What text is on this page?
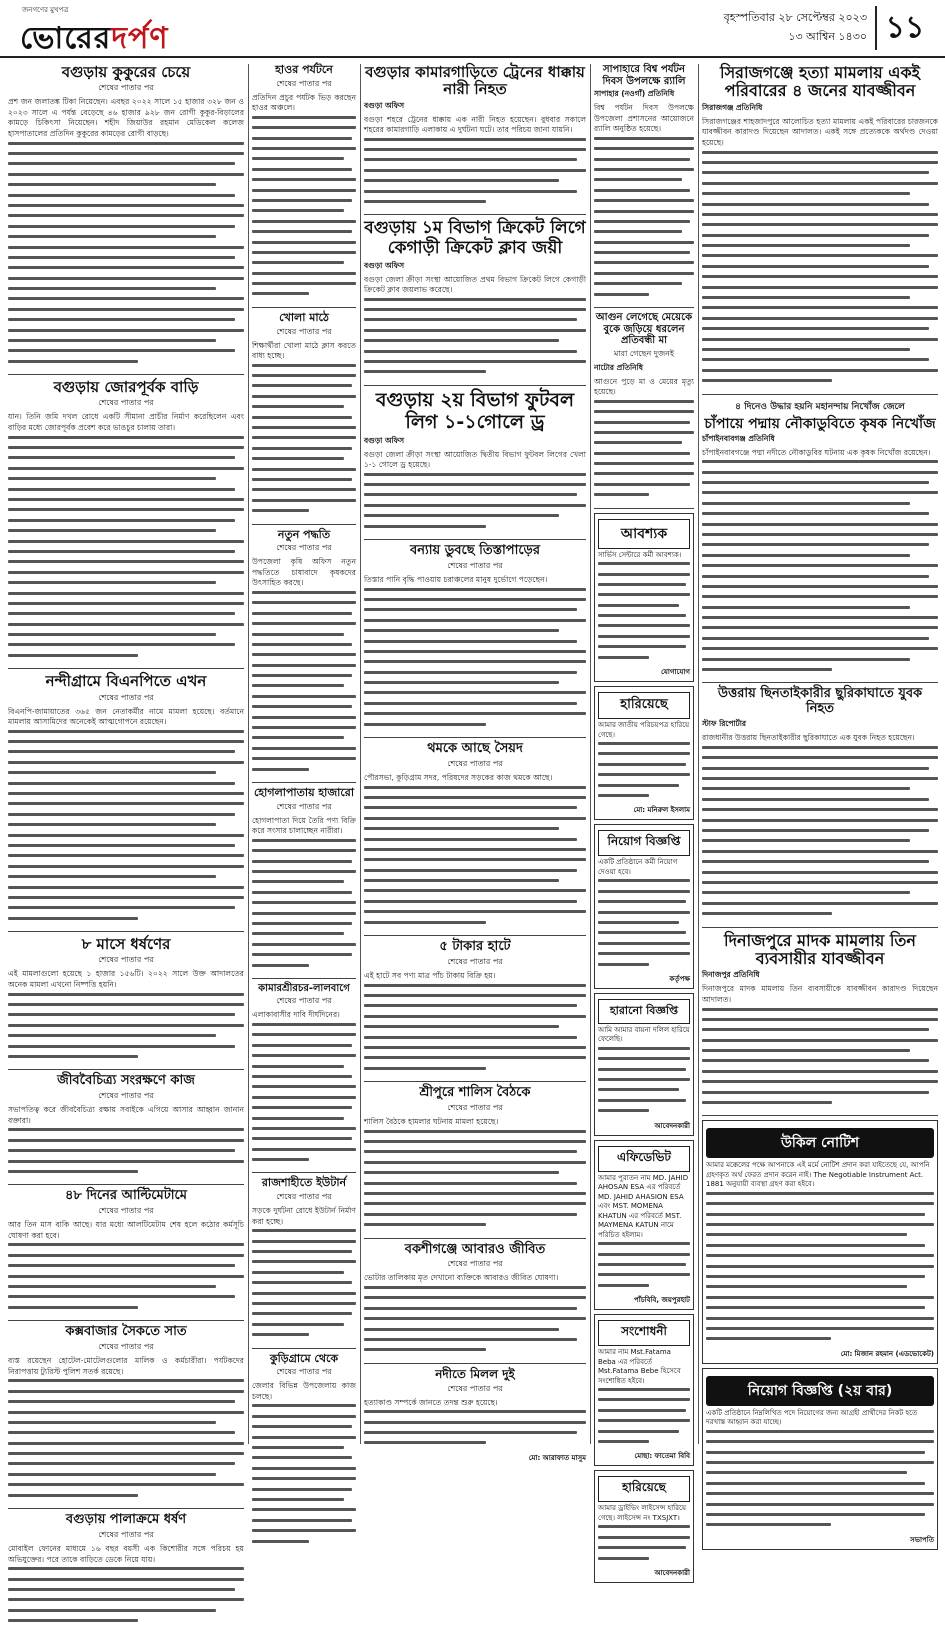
জনগণের মুখপত্র
ভোরেরদর্পণ
বৃহস্পতিবার ২৮ সেপ্টেম্বর ২০২৩
১৩ আশ্বিন ১৪৩০ ১১
বগুড়ায় কুকুরের চেয়ে
শেষের পাতার পর
প্রশ জন জলাতঙ্ক টিকা নিয়েছেন। এবছর ২০২২ সালে ১৫ হাজার ৩২৮ জন ও ২০২৩ সালে এ পর্যন্ত বেড়েছে ৪৬ হাজার ৯২৮ জন রোগী কুকুর-বিড়ালের কামড়ে চিকিৎসা নিয়েছেন। শহীদ জিয়াউর রহমান মেডিকেল কলেজ হাসপাতালের প্রতিদিন কুকুরের কামড়ের রোগী বাড়ছে।
বগুড়ায় জোরপূর্বক বাড়ি
শেষের পাতার পর
যান। তিনি জমি দখল রোধে একটি সীমানা প্রাচীর নির্মাণ করেছিলেন এবং বাড়ির মধ্যে জোরপূর্বক প্রবেশ করে ভাঙচুর চালায় তারা।
নন্দীগ্রামে বিএনপিতে এখন
শেষের পাতার পর
বিএনপি-জামায়াতের ৩৬৫ জন নেতাকর্মীর নামে মামলা হয়েছে। বর্তমানে মামলায় আসামিদের অনেকেই আত্মগোপনে রয়েছেন।
৮ মাসে ধর্ষণের
শেষের পাতার পর
এই মামলাগুলো হয়েছে ১ হাজার ১৫৬টি। ২০২২ সালে উক্ত আদালতের অনেক মামলা এখনো নিষ্পত্তি হয়নি।
জীববৈচিত্র্য সংরক্ষণে কাজ
শেষের পাতার পর
সভাপতিত্ব করে জীববৈচিত্র্য রক্ষায় সবাইকে এগিয়ে আসার আহ্বান জানান বক্তারা।
৪৮ দিনের আল্টিমেটামে
শেষের পাতার পর
আর তিন মাস বাকি আছে। যার মধ্যে আলটিমেটাম শেষ হলে কঠোর কর্মসূচি ঘোষণা করা হবে।
কক্সবাজার সৈকতে সাত
শেষের পাতার পর
ব্যস্ত রয়েছেন হোটেল-মোটেলগুলোর মালিক ও কর্মচারীরা। পর্যটকদের নিরাপত্তায় ট্যুরিস্ট পুলিশ সতর্ক রয়েছে।
বগুড়ায় পালাক্রমে ধর্ষণ
শেষের পাতার পর
মোবাইল ফোনের মাধ্যমে ১৬ বছর বয়সী এক কিশোরীর সঙ্গে পরিচয় হয় অভিযুক্তের। পরে তাকে বাড়িতে ডেকে নিয়ে যায়।
হাওর পর্যটনে
শেষের পাতার পর
প্রতিদিন প্রচুর পর্যটক ভিড় করছেন হাওর অঞ্চলে।
খোলা মাঠে
শেষের পাতার পর
শিক্ষার্থীরা খোলা মাঠে ক্লাস করতে বাধ্য হচ্ছে।
নতুন পদ্ধতি
শেষের পাতার পর
উপজেলা কৃষি অফিস নতুন পদ্ধতিতে চাষাবাদে কৃষকদের উৎসাহিত করছে।
হোগলাপাতায় হাজারো
শেষের পাতার পর
হোগলাপাতা দিয়ে তৈরি পণ্য বিক্রি করে সংসার চালাচ্ছেন নারীরা।
কামারশ্রীরচর-লালবাগে
শেষের পাতার পর
এলাকাবাসীর দাবি দীর্ঘদিনের।
রাজশাহীতে ইউটার্ন
শেষের পাতার পর
সড়কে দুর্ঘটনা রোধে ইউটার্ন নির্মাণ করা হচ্ছে।
কুড়িগ্রামে থেকে
শেষের পাতার পর
জেলার বিভিন্ন উপজেলায় কাজ চলছে।
বগুড়ার কামারগাড়িতে ট্রেনের ধাক্কায় নারী নিহত
বগুড়া অফিস
বগুড়া শহরে ট্রেনের ধাক্কায় এক নারী নিহত হয়েছেন। বুধবার সকালে শহরের কামারগাড়ি এলাকায় এ দুর্ঘটনা ঘটে। তার পরিচয় জানা যায়নি।
বগুড়ায় ১ম বিভাগ ক্রিকেট লিগে কেগাড়ী ক্রিকেট ক্লাব জয়ী
বগুড়া অফিস
বগুড়া জেলা ক্রীড়া সংস্থা আয়োজিত প্রথম বিভাগ ক্রিকেট লিগে কেগাড়ী ক্রিকেট ক্লাব জয়লাভ করেছে।
বগুড়ায় ২য় বিভাগ ফুটবল লিগ ১-১গোলে ড্র
বগুড়া অফিস
বগুড়া জেলা ক্রীড়া সংস্থা আয়োজিত দ্বিতীয় বিভাগ ফুটবল লিগের খেলা ১-১ গোলে ড্র হয়েছে।
বন্যায় ডুবছে তিস্তাপাড়ের
শেষের পাতার পর
তিস্তার পানি বৃদ্ধি পাওয়ায় চরাঞ্চলের মানুষ দুর্ভোগে পড়েছেন।
থমকে আছে সৈয়দ
শেষের পাতার পর
পৌরসভা, কুড়িগ্রাম সদর, পরিষদের সড়কের কাজ থমকে আছে।
৫ টাকার হাটে
শেষের পাতার পর
এই হাটে সব পণ্য মাত্র পাঁচ টাকায় বিক্রি হয়।
শ্রীপুরে শালিস বৈঠকে
শেষের পাতার পর
শালিস বৈঠকে হামলার ঘটনায় মামলা হয়েছে।
বকশীগঞ্জে আবারও জীবিত
শেষের পাতার পর
ভোটার তালিকায় মৃত দেখানো ব্যক্তিকে আবারও জীবিত ঘোষণা।
নদীতে মিলল দুই
শেষের পাতার পর
হত্যাকাণ্ড সম্পর্কে জানতে তদন্ত শুরু হয়েছে।
মো: আরাফাত মাসুম
সাপাহারে বিশ্ব পর্যটন দিবস উপলক্ষে র‍্যালি
সাপাহার (নওগাঁ) প্রতিনিধি
বিশ্ব পর্যটন দিবস উপলক্ষে উপজেলা প্রশাসনের আয়োজনে র‍্যালি অনুষ্ঠিত হয়েছে।
আগুন লেগেছে মেয়েকে বুকে জড়িয়ে ধরলেন প্রতিবন্ধী মা
মারা গেছেন দুজনই
নাটোর প্রতিনিধি
আগুনে পুড়ে মা ও মেয়ের মৃত্যু হয়েছে।
আবশ্যক
সার্ভিস সেন্টারে কর্মী আবশ্যক।
যোগাযোগ
হারিয়েছে
আমার জাতীয় পরিচয়পত্র হারিয়ে গেছে।
মো: মনিরুল ইসলাম
নিয়োগ বিজ্ঞপ্তি
একটি প্রতিষ্ঠানে কর্মী নিয়োগ দেওয়া হবে।
কর্তৃপক্ষ
হারানো বিজ্ঞপ্তি
আমি আমার বায়না দলিল হারিয়ে ফেলেছি।
আবেদনকারী
এফিডেভিট
আমার পুরাতন নাম MD. JAHID AHOSAN ESA এর পরিবর্তে MD. JAHID AHASION ESA এবং MST. MOMENA KHATUN এর পরিবর্তে MST. MAYMENA KATUN নামে পরিচিত হইলাম।
পাঁচবিবি, জয়পুরহাট
সংশোধনী
আমার নাম Mst.Fatama Beba এর পরিবর্তে Mst.Fatama Bebe হিসেবে সংশোধিত হইবে।
মোছা: ফাতেমা বিবি
হারিয়েছে
আমার ড্রাইভিং লাইসেন্স হারিয়ে গেছে। লাইসেন্স নং TXSJXT।
আবেদনকারী
সিরাজগঞ্জে হত্যা মামলায় একই পরিবারের ৪ জনের যাবজ্জীবন
সিরাজগঞ্জ প্রতিনিধি
সিরাজগঞ্জের শাহজাদপুরে আলোচিত হত্যা মামলায় একই পরিবারের চারজনকে যাবজ্জীবন কারাদণ্ড দিয়েছেন আদালত। একই সঙ্গে প্রত্যেককে অর্থদণ্ড দেওয়া হয়েছে।
৪ দিনেও উদ্ধার হয়নি মহানন্দায় নিখোঁজ জেলে
চাঁপায়ে পদ্মায় নৌকাডুবিতে কৃষক নিখোঁজ
চাঁপাইনবাবগঞ্জ প্রতিনিধি
চাঁপাইনবাবগঞ্জে পদ্মা নদীতে নৌকাডুবির ঘটনায় এক কৃষক নিখোঁজ রয়েছেন।
উত্তরায় ছিনতাইকারীর ছুরিকাঘাতে যুবক নিহত
স্টাফ রিপোর্টার
রাজধানীর উত্তরায় ছিনতাইকারীর ছুরিকাঘাতে এক যুবক নিহত হয়েছেন।
দিনাজপুরে মাদক মামলায় তিন ব্যবসায়ীর যাবজ্জীবন
দিনাজপুর প্রতিনিধি
দিনাজপুরে মাদক মামলায় তিন ব্যবসায়ীকে যাবজ্জীবন কারাদণ্ড দিয়েছেন আদালত।
উকিল নোটিশ
আমার মক্কেলের পক্ষে আপনাকে এই মর্মে নোটিশ প্রদান করা যাইতেছে যে, আপনি গ্রহণকৃত অর্থ ফেরত প্রদান করেন নাই। The Negotiable Instrument Act. 1881 অনুযায়ী ব্যবস্থা গ্রহণ করা হইবে।
মো: মিজান রহমান (এডভোকেট)
নিয়োগ বিজ্ঞপ্তি (২য় বার)
একটি প্রতিষ্ঠানে নিম্নলিখিত পদে নিয়োগের জন্য আগ্রহী প্রার্থীদের নিকট হতে দরখাস্ত আহ্বান করা যাচ্ছে।
সভাপতি
